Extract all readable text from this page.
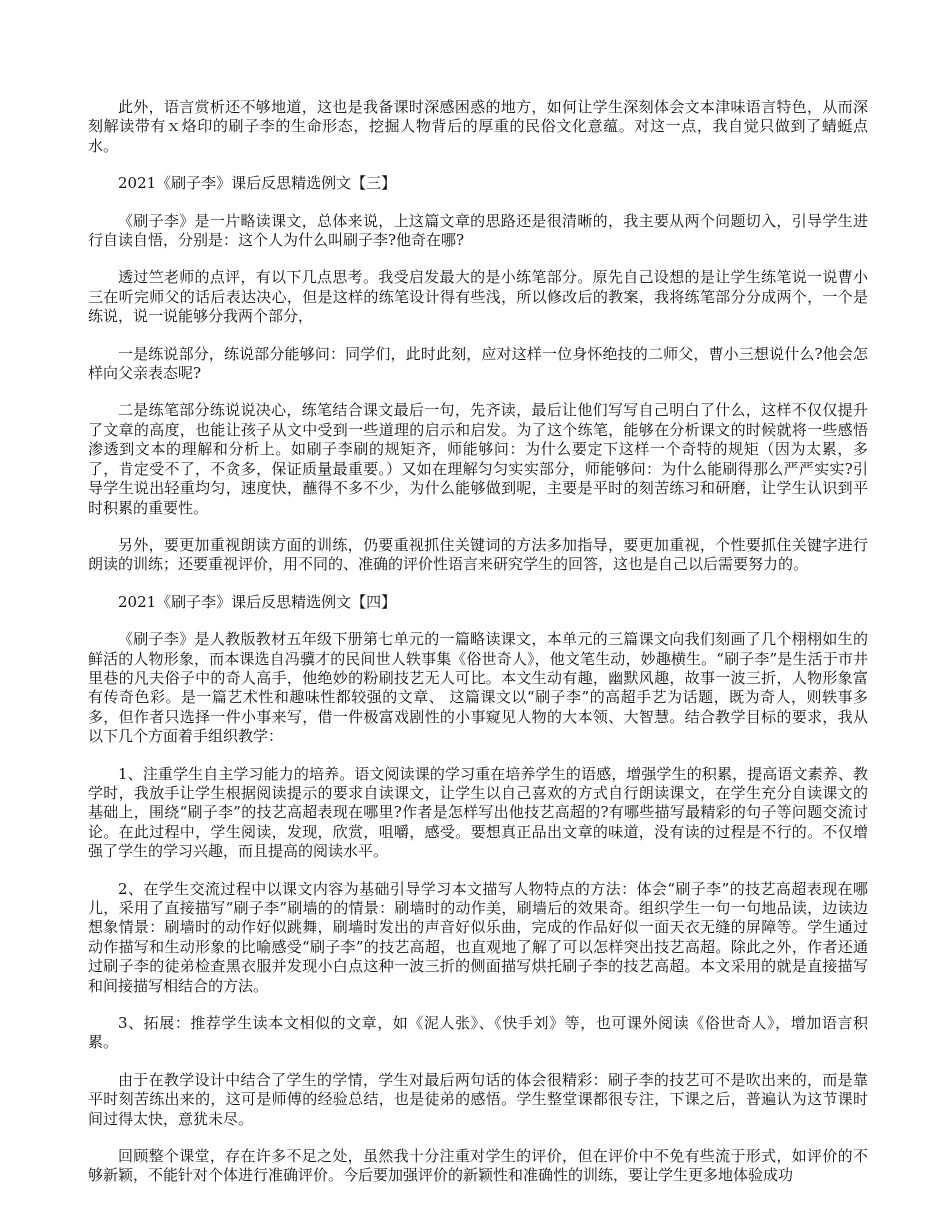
此外，语言赏析还不够地道，这也是我备课时深感困惑的地方，如何让学生深刻体会文本津味语言特色，从而深刻解读带有ｘ烙印的刷子李的生命形态，挖掘人物背后的厚重的民俗文化意蕴。对这一点，我自觉只做到了蜻蜓点水。

2021《刷子李》课后反思精选例文【三】

《刷子李》是一片略读课文，总体来说，上这篇文章的思路还是很清晰的，我主要从两个问题切入，引导学生进行自读自悟，分别是：这个人为什么叫刷子李?他奇在哪?

透过竺老师的点评，有以下几点思考。我受启发最大的是小练笔部分。原先自己设想的是让学生练笔说一说曹小三在听完师父的话后表达决心，但是这样的练笔设计得有些浅，所以修改后的教案，我将练笔部分分成两个，一个是练说，说一说能够分我两个部分，

一是练说部分，练说部分能够问：同学们，此时此刻，应对这样一位身怀绝技的二师父，曹小三想说什么?他会怎样向父亲表态呢?

二是练笔部分练说说决心，练笔结合课文最后一句，先齐读，最后让他们写写自己明白了什么，这样不仅仅提升了文章的高度，也能让孩子从文中受到一些道理的启示和启发。为了这个练笔，能够在分析课文的时候就将一些感悟渗透到文本的理解和分析上。如刷子李刷的规矩齐，师能够问：为什么要定下这样一个奇特的规矩（因为太累，多了，肯定受不了，不贪多，保证质量最重要。）又如在理解匀匀实实部分，师能够问：为什么能刷得那么严严实实?引导学生说出轻重均匀，速度快，蘸得不多不少，为什么能够做到呢，主要是平时的刻苦练习和研磨，让学生认识到平时积累的重要性。

另外，要更加重视朗读方面的训练，仍要重视抓住关键词的方法多加指导，要更加重视，个性要抓住关键字进行朗读的训练；还要重视评价，用不同的、准确的评价性语言来研究学生的回答，这也是自己以后需要努力的。

2021《刷子李》课后反思精选例文【四】

《刷子李》是人教版教材五年级下册第七单元的一篇略读课文，本单元的三篇课文向我们刻画了几个栩栩如生的鲜活的人物形象，而本课选自冯骥才的民间世人轶事集《俗世奇人》，他文笔生动，妙趣横生。“刷子李”是生活于市井里巷的凡夫俗子中的奇人高手，他绝妙的粉刷技艺无人可比。本文生动有趣，幽默风趣，故事一波三折，人物形象富有传奇色彩。是一篇艺术性和趣味性都较强的文章、 这篇课文以“刷子李”的高超手艺为话题，既为奇人，则轶事多多，但作者只选择一件小事来写，借一件极富戏剧性的小事窥见人物的大本领、大智慧。结合教学目标的要求，我从以下几个方面着手组织教学：

1、注重学生自主学习能力的培养。语文阅读课的学习重在培养学生的语感，增强学生的积累，提高语文素养、教学时，我放手让学生根据阅读提示的要求自读课文，让学生以自己喜欢的方式自行朗读课文，在学生充分自读课文的基础上，围绕“刷子李”的技艺高超表现在哪里?作者是怎样写出他技艺高超的?有哪些描写最精彩的句子等问题交流讨论。在此过程中，学生阅读，发现，欣赏，咀嚼，感受。要想真正品出文章的味道，没有读的过程是不行的。不仅增强了学生的学习兴趣，而且提高的阅读水平。

2、在学生交流过程中以课文内容为基础引导学习本文描写人物特点的方法：体会“刷子李”的技艺高超表现在哪儿，采用了直接描写“刷子李”刷墙的的情景：刷墙时的动作美，刷墙后的效果奇。组织学生一句一句地品读，边读边想象情景：刷墙时的动作好似跳舞，刷墙时发出的声音好似乐曲，完成的作品好似一面天衣无缝的屏障等。学生通过动作描写和生动形象的比喻感受“刷子李”的技艺高超，也直观地了解了可以怎样突出技艺高超。除此之外，作者还通过刷子李的徒弟检查黑衣服并发现小白点这种一波三折的侧面描写烘托刷子李的技艺高超。本文采用的就是直接描写和间接描写相结合的方法。

3、拓展：推荐学生读本文相似的文章，如《泥人张》、《快手刘》等，也可课外阅读《俗世奇人》，增加语言积累。

由于在教学设计中结合了学生的学情，学生对最后两句话的体会很精彩：刷子李的技艺可不是吹出来的，而是靠平时刻苦练出来的，这可是师傅的经验总结，也是徒弟的感悟。学生整堂课都很专注，下课之后，普遍认为这节课时间过得太快，意犹未尽。

回顾整个课堂，存在许多不足之处，虽然我十分注重对学生的评价，但在评价中不免有些流于形式，如评价的不够新颖，不能针对个体进行准确评价。今后要加强评价的新颖性和准确性的训练，要让学生更多地体验成功
